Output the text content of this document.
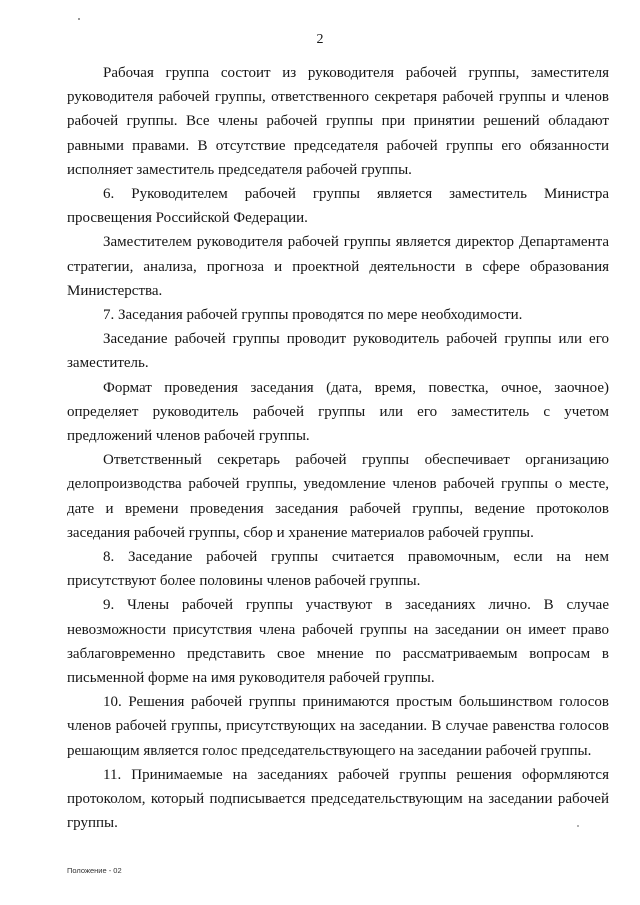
2

Рабочая группа состоит из руководителя рабочей группы, заместителя руководителя рабочей группы, ответственного секретаря рабочей группы и членов рабочей группы. Все члены рабочей группы при принятии решений обладают равными правами. В отсутствие председателя рабочей группы его обязанности исполняет заместитель председателя рабочей группы.

6. Руководителем рабочей группы является заместитель Министра просвещения Российской Федерации.

Заместителем руководителя рабочей группы является директор Департамента стратегии, анализа, прогноза и проектной деятельности в сфере образования Министерства.

7. Заседания рабочей группы проводятся по мере необходимости.

Заседание рабочей группы проводит руководитель рабочей группы или его заместитель.

Формат проведения заседания (дата, время, повестка, очное, заочное) определяет руководитель рабочей группы или его заместитель с учетом предложений членов рабочей группы.

Ответственный секретарь рабочей группы обеспечивает организацию делопроизводства рабочей группы, уведомление членов рабочей группы о месте, дате и времени проведения заседания рабочей группы, ведение протоколов заседания рабочей группы, сбор и хранение материалов рабочей группы.

8. Заседание рабочей группы считается правомочным, если на нем присутствуют более половины членов рабочей группы.

9. Члены рабочей группы участвуют в заседаниях лично. В случае невозможности присутствия члена рабочей группы на заседании он имеет право заблаговременно представить свое мнение по рассматриваемым вопросам в письменной форме на имя руководителя рабочей группы.

10. Решения рабочей группы принимаются простым большинством голосов членов рабочей группы, присутствующих на заседании. В случае равенства голосов решающим является голос председательствующего на заседании рабочей группы.

11. Принимаемые на заседаниях рабочей группы решения оформляются протоколом, который подписывается председательствующим на заседании рабочей группы.

Положение - 02
